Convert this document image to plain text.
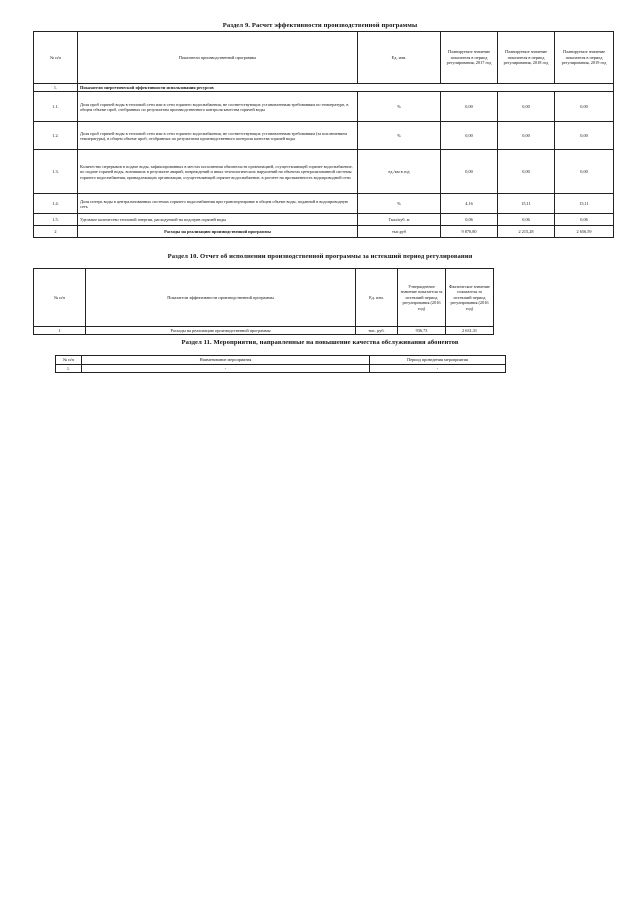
Раздел 9. Расчет эффективности производственной программы
№ п/п	Показатели производственной программы	Ед. изм.	Планируемое значение показателя в период регулирования, 2017 год	Планируемое значение показателя в период регулирования, 2018 год	Планируемое значение показателя в период регулирования, 2019 год
1.	Показатели энергетической эффективности использования ресурсов				
1.1.	Доля проб горячей воды в тепловой сети или в сети горячего водоснабжения, не соответствующих установленным требованиям по температуре, в общем объеме проб, отобранных по результатам производственного контроля качества горячей воды	%	0,00	0,00	0,00
1.2.	Доля проб горячей воды в тепловой сети или в сети горячего водоснабжения, не соответствующих установленным требованиям (за исключением температуры), в общем объеме проб, отобранных по результатам производственного контроля качества горячей воды	%	0,00	0,00	0,00
1.3.	Количество перерывов в подаче воды, зафиксированных в местах исполнения обязательств организацией, осуществляющей горячее водоснабжение, по подаче горячей воды, возникших в результате аварий, повреждений и иных технологических нарушений на объектах централизованной системы горячего водоснабжения, принадлежащих организации, осуществляющей горячее водоснабжение, в расчете на протяженность водопроводной сети	ед./км в год	0,00	0,00	0,00
1.4.	Доля потерь воды в централизованных системах горячего водоснабжения при транспортировке в общем объеме воды, поданной в водопроводную сеть	%	4,16	15,11	15,11
1.5.	Удельное количество тепловой энергии, расходуемой на подогрев горячей воды	Гкал/куб. м	0,06	0,06	0,06
2	Расходы на реализацию производственной программы	тыс.руб	9 870,80	2 215,28	2 656,59
Раздел 10. Отчет об исполнении производственной программы за истекший период регулирования
№ п/п	Показатели эффективности производственной программы	Ед. изм.	Утвержденное значение показателя за истекший период регулирования (2016 год)	Фактическое значение показателя за истекший период регулирования (2016 год)
1	Расходы на реализацию производственной программы	тыс. руб.	936,73	2 631,31
Раздел 11. Мероприятия, направленные на повышение качества обслуживания абонентов
№ п/п	Наименование мероприятия	Период проведения мероприятия
1.	-	-
